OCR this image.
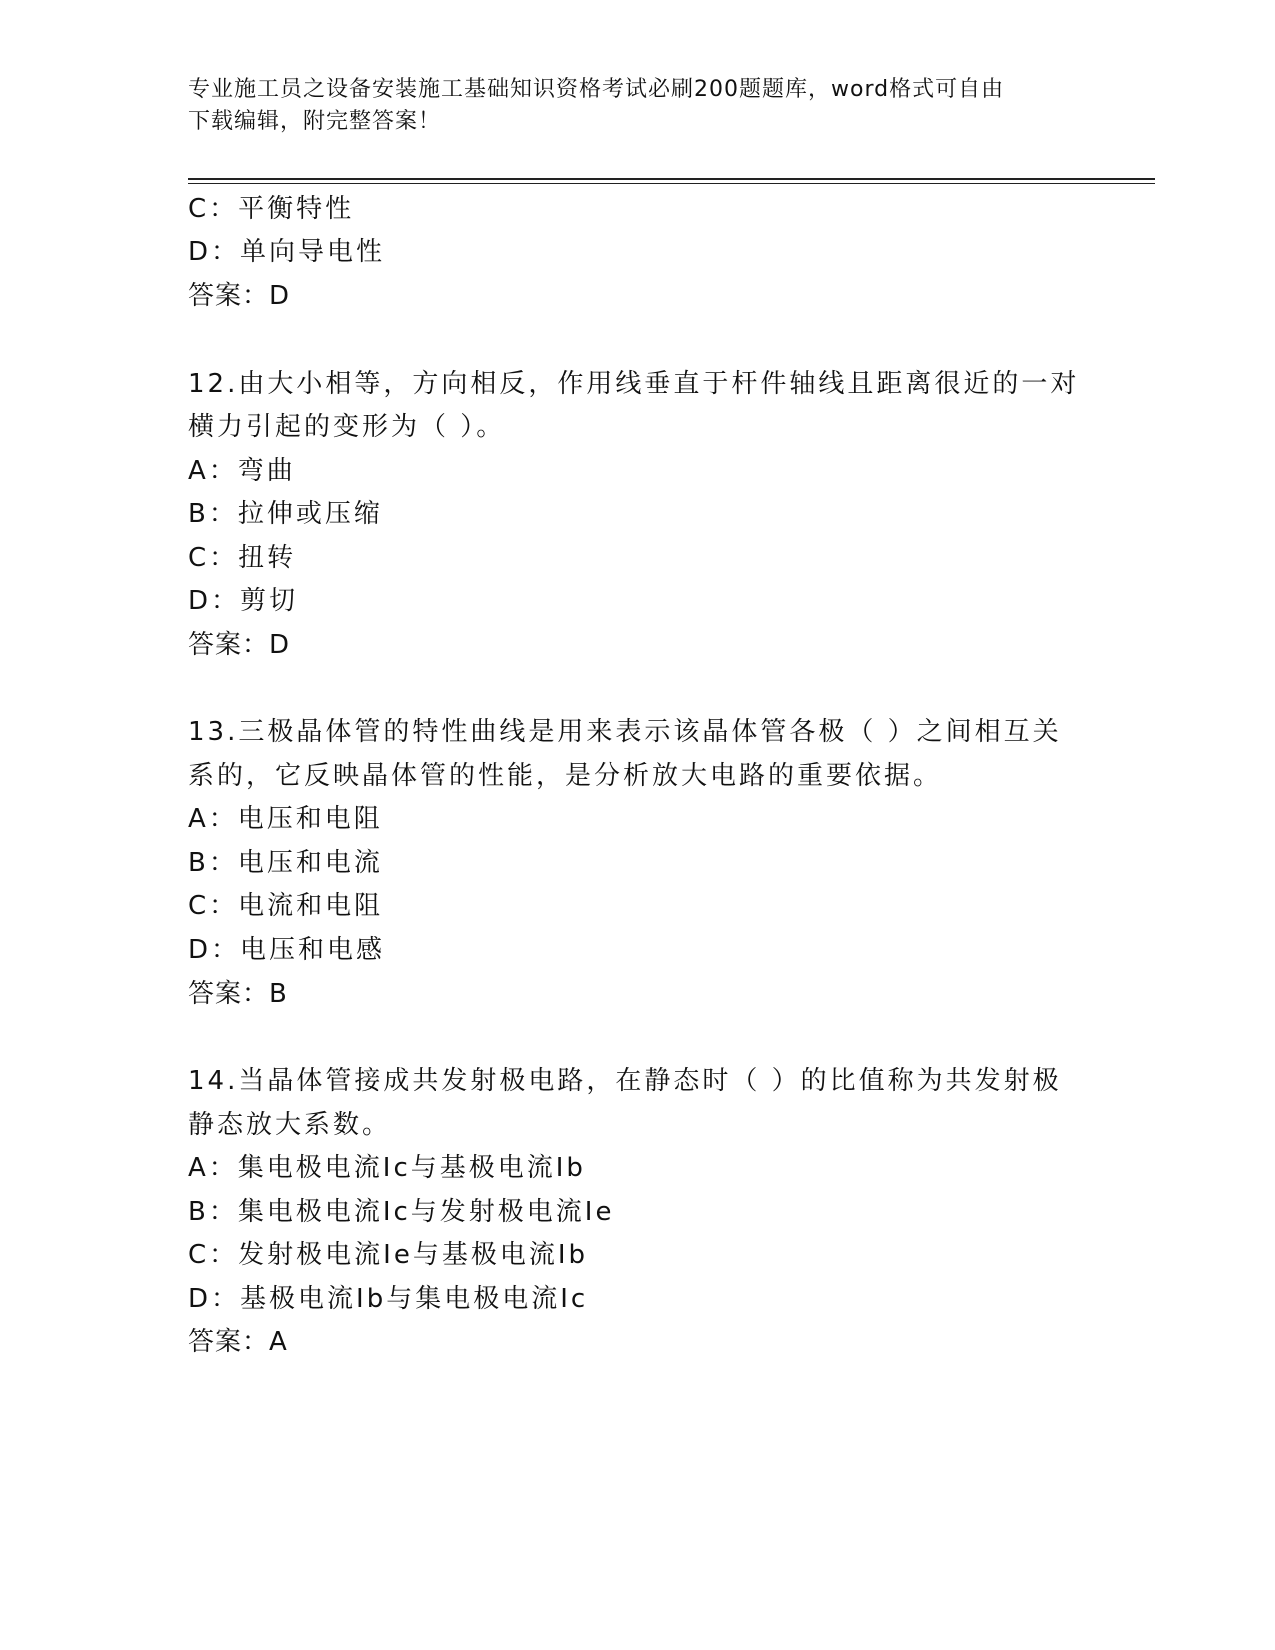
专业施工员之设备安装施工基础知识资格考试必刷200题题库，word格式可自由
下载编辑，附完整答案！
C：平衡特性
D：单向导电性
答案：D
12.由大小相等，方向相反，作用线垂直于杆件轴线且距离很近的一对
横力引起的变形为（ ）。
A：弯曲
B：拉伸或压缩
C：扭转
D：剪切
答案：D
13.三极晶体管的特性曲线是用来表示该晶体管各极（ ）之间相互关
系的，它反映晶体管的性能，是分析放大电路的重要依据。
A：电压和电阻
B：电压和电流
C：电流和电阻
D：电压和电感
答案：B
14.当晶体管接成共发射极电路，在静态时（ ）的比值称为共发射极
静态放大系数。
A：集电极电流Ic与基极电流Ib
B：集电极电流Ic与发射极电流Ie
C：发射极电流Ie与基极电流Ib
D：基极电流Ib与集电极电流Ic
答案：A
